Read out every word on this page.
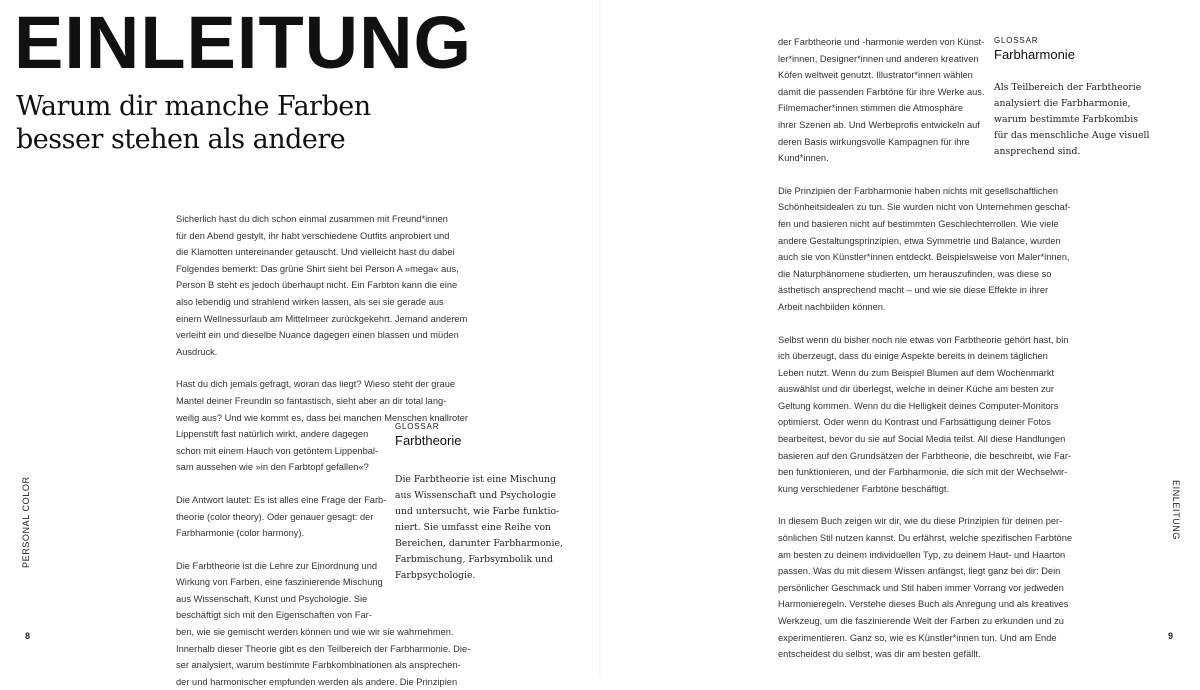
EINLEITUNG
Warum dir manche Farben
besser stehen als andere

Sicherlich hast du dich schon einmal zusammen mit Freund*innen
für den Abend gestylt, ihr habt verschiedene Outfits anprobiert und
die Klamotten untereinander getauscht. Und vielleicht hast du dabei
Folgendes bemerkt: Das grüne Shirt sieht bei Person A »mega« aus,
Person B steht es jedoch überhaupt nicht. Ein Farbton kann die eine
also lebendig und strahlend wirken lassen, als sei sie gerade aus
einem Wellnessurlaub am Mittelmeer zurückgekehrt. Jemand anderem
verleiht ein und dieselbe Nuance dagegen einen blassen und müden
Ausdruck.

Hast du dich jemals gefragt, woran das liegt? Wieso steht der graue
Mantel deiner Freundin so fantastisch, sieht aber an dir total lang-
weilig aus? Und wie kommt es, dass bei manchen Menschen knallroter
Lippenstift fast natürlich wirkt, andere dagegen
schon mit einem Hauch von getöntem Lippenbal-
sam aussehen wie »in den Farbtopf gefallen«?

Die Antwort lautet: Es ist alles eine Frage der Farb-
theorie (color theory). Oder genauer gesagt: der
Farbharmonie (color harmony).

Die Farbtheorie ist die Lehre zur Einordnung und
Wirkung von Farben, eine faszinierende Mischung
aus Wissenschaft, Kunst und Psychologie. Sie
beschäftigt sich mit den Eigenschaften von Far-
ben, wie sie gemischt werden können und wie wir sie wahrnehmen.
Innerhalb dieser Theorie gibt es den Teilbereich der Farbharmonie. Die-
ser analysiert, warum bestimmte Farbkombinationen als ansprechen-
der und harmonischer empfunden werden als andere. Die Prinzipien

GLOSSAR
Farbtheorie
Die Farbtheorie ist eine Mischung
aus Wissenschaft und Psychologie
und untersucht, wie Farbe funktio-
niert. Sie umfasst eine Reihe von
Bereichen, darunter Farbharmonie,
Farbmischung, Farbsymbolik und
Farbpsychologie.
PERSONAL COLOR
8

der Farbtheorie und -harmonie werden von Künst-
ler*innen, Designer*innen und anderen kreativen
Köfen weltweit genutzt. Illustrator*innen wählen
damit die passenden Farbtöne für ihre Werke aus.
Filmemacher*innen stimmen die Atmosphäre
ihrer Szenen ab. Und Werbeprofis entwickeln auf
deren Basis wirkungsvolle Kampagnen für ihre
Kund*innen.

Die Prinzipien der Farbharmonie haben nichts mit gesellschaftlichen
Schönheitsidealen zu tun. Sie wurden nicht von Unternehmen geschaf-
fen und basieren nicht auf bestimmten Geschlechterrollen. Wie viele
andere Gestaltungsprinzipien, etwa Symmetrie und Balance, wurden
auch sie von Künstler*innen entdeckt. Beispielsweise von Maler*innen,
die Naturphänomene studierten, um herauszufinden, was diese so
ästhetisch ansprechend macht – und wie sie diese Effekte in ihrer
Arbeit nachbilden können.

Selbst wenn du bisher noch nie etwas von Farbtheorie gehört hast, bin
ich überzeugt, dass du einige Aspekte bereits in deinem täglichen
Leben nutzt. Wenn du zum Beispiel Blumen auf dem Wochenmarkt
auswählst und dir überlegst, welche in deiner Küche am besten zur
Geltung kommen. Wenn du die Helligkeit deines Computer-Monitors
optimierst. Oder wenn du Kontrast und Farbsättigung deiner Fotos
bearbeitest, bevor du sie auf Social Media teilst. All diese Handlungen
basieren auf den Grundsätzen der Farbtheorie, die beschreibt, wie Far-
ben funktionieren, und der Farbharmonie, die sich mit der Wechselwir-
kung verschiedener Farbtöne beschäftigt.

In diesem Buch zeigen wir dir, wie du diese Prinzipien für deinen per-
sönlichen Stil nutzen kannst. Du erfährst, welche spezifischen Farbtöne
am besten zu deinem individuellen Typ, zu deinem Haut- und Haarton
passen. Was du mit diesem Wissen anfängst, liegt ganz bei dir: Dein
persönlicher Geschmack und Stil haben immer Vorrang vor jedweden
Harmonieregeln. Verstehe dieses Buch als Anregung und als kreatives
Werkzeug, um die faszinierende Welt der Farben zu erkunden und zu
experimentieren. Ganz so, wie es Künstler*innen tun. Und am Ende
entscheidest du selbst, was dir am besten gefällt.

GLOSSAR
Farbharmonie
Als Teilbereich der Farbtheorie
analysiert die Farbharmonie,
warum bestimmte Farbkombis
für das menschliche Auge visuell
ansprechend sind.
EINLEITUNG
9
